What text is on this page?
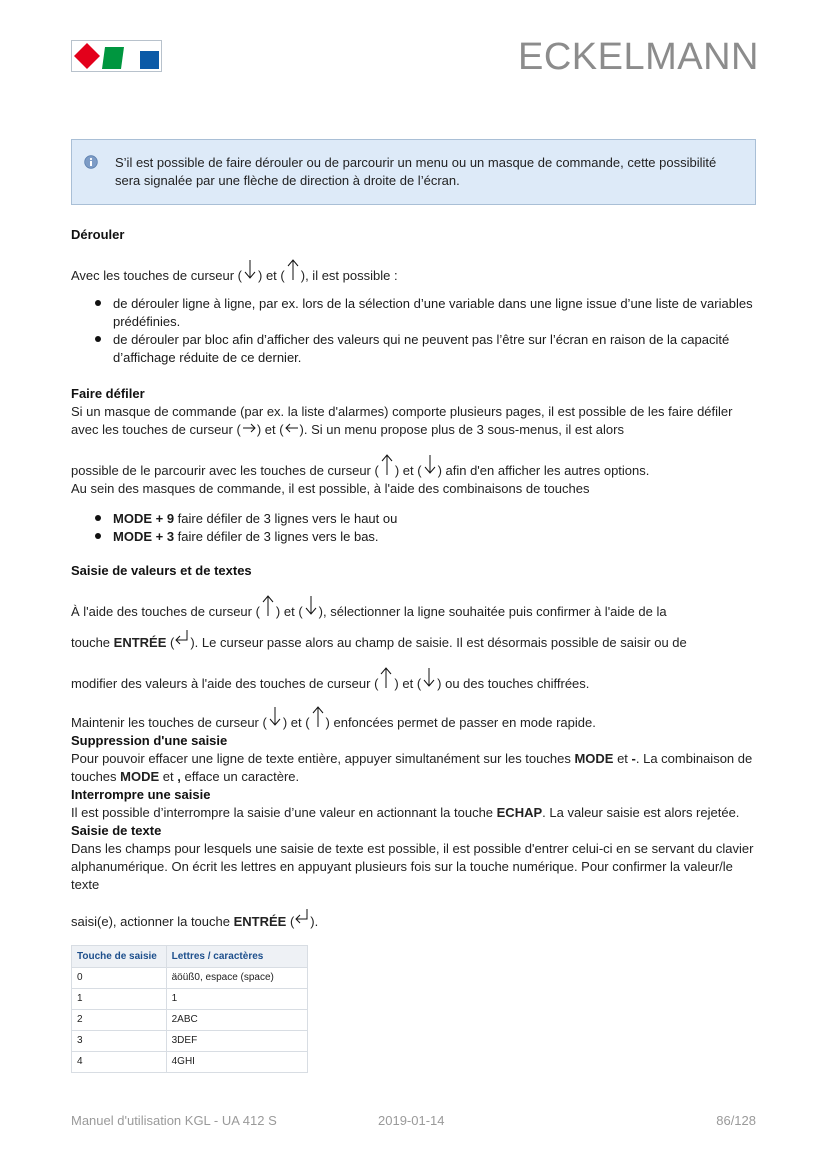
ECKELMANN
S’il est possible de faire dérouler ou de parcourir un menu ou un masque de commande, cette possibilité sera signalée par une flèche de direction à droite de l’écran.
Dérouler
Avec les touches de curseur ( ) et ( ), il est possible :
de dérouler ligne à ligne, par ex. lors de la sélection d’une variable dans une ligne issue d’une liste de variables prédéfinies.
de dérouler par bloc afin d’afficher des valeurs qui ne peuvent pas l’être sur l’écran en raison de la capacité d’affichage réduite de ce dernier.
Faire défiler
Si un masque de commande (par ex. la liste d'alarmes) comporte plusieurs pages, il est possible de les faire défiler avec les touches de curseur ( ) et ( ). Si un menu propose plus de 3 sous-menus, il est alors
possible de le parcourir avec les touches de curseur ( ) et ( ) afin d'en afficher les autres options.
Au sein des masques de commande, il est possible, à l'aide des combinaisons de touches
MODE + 9 faire défiler de 3 lignes vers le haut ou
MODE + 3 faire défiler de 3 lignes vers le bas.
Saisie de valeurs et de textes
À l'aide des touches de curseur ( ) et ( ), sélectionner la ligne souhaitée puis confirmer à l'aide de la
touche ENTRÉE ( ). Le curseur passe alors au champ de saisie. Il est désormais possible de saisir ou de
modifier des valeurs à l'aide des touches de curseur ( ) et ( ) ou des touches chiffrées.
Maintenir les touches de curseur ( ) et ( ) enfoncées permet de passer en mode rapide.
Suppression d'une saisie
Pour pouvoir effacer une ligne de texte entière, appuyer simultanément sur les touches MODE et -. La combinaison de touches MODE et , efface un caractère.
Interrompre une saisie
Il est possible d’interrompre la saisie d’une valeur en actionnant la touche ECHAP. La valeur saisie est alors rejetée.
Saisie de texte
Dans les champs pour lesquels une saisie de texte est possible, il est possible d'entrer celui-ci en se servant du clavier alphanumérique. On écrit les lettres en appuyant plusieurs fois sur la touche numérique. Pour confirmer la valeur/le texte
saisi(e), actionner la touche ENTRÉE ( ).
Touche de saisie	Lettres / caractères
0	äöüß0, espace (space)
1	1
2	2ABC
3	3DEF
4	4GHI
Manuel d'utilisation KGL - UA 412 S	2019-01-14	86/128
